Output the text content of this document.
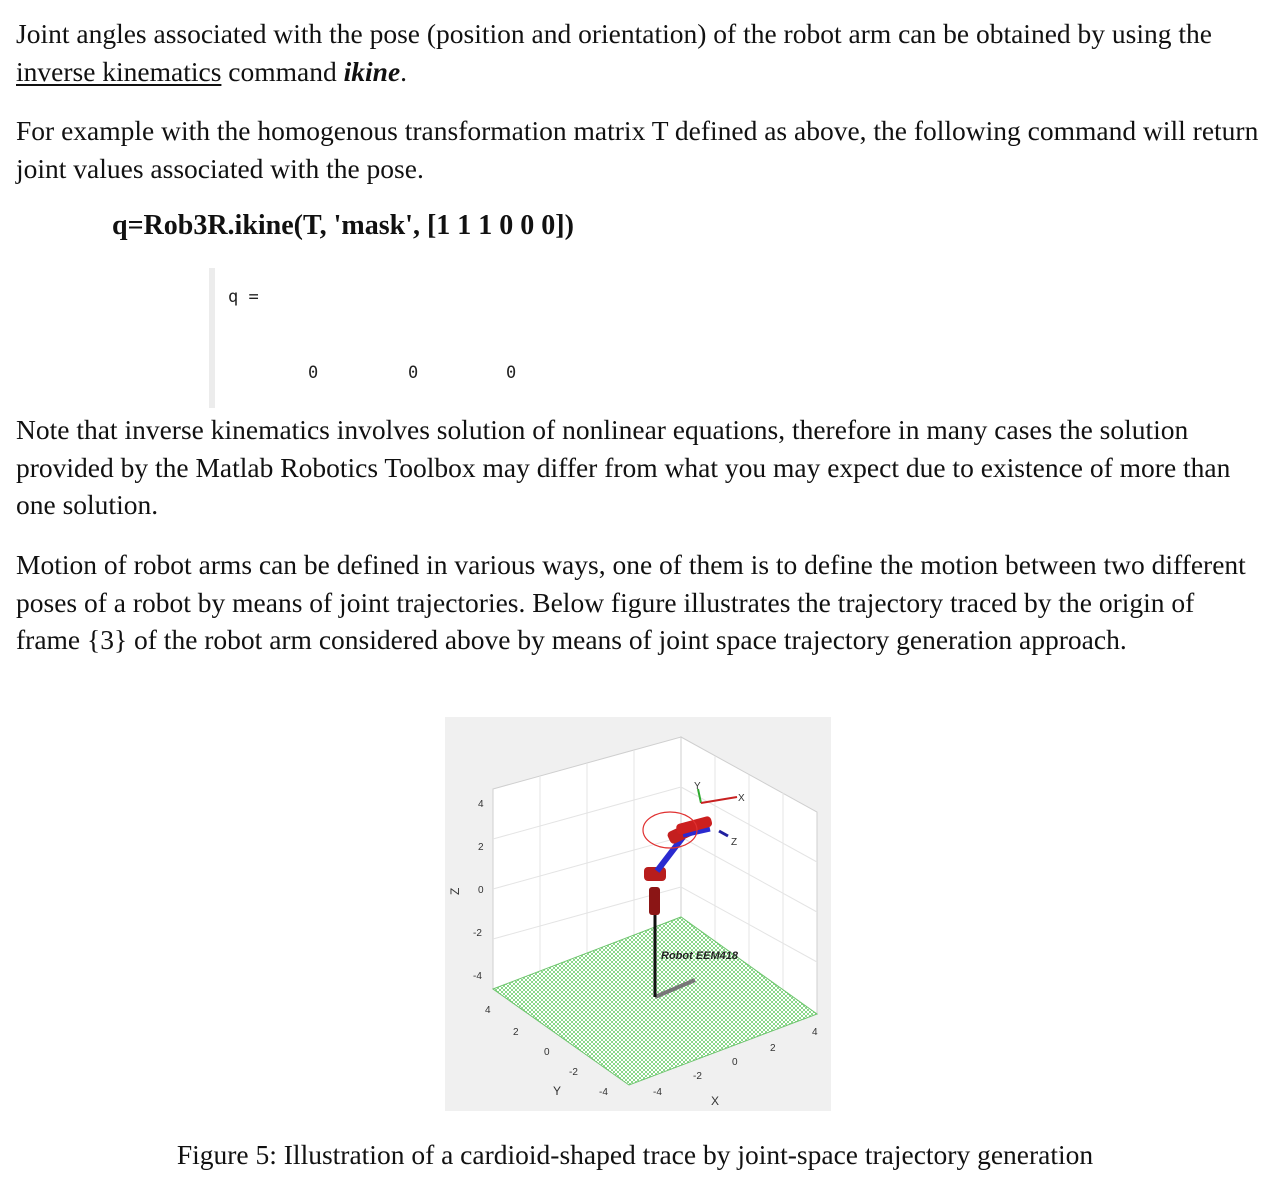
Joint angles associated with the pose (position and orientation) of the robot arm can be obtained by using the inverse kinematics command ikine.

For example with the homogenous transformation matrix T defined as above, the following command will return joint values associated with the pose.

q=Rob3R.ikine(T, 'mask', [1 1 1 0 0 0])
q =
0	0	0

Note that inverse kinematics involves solution of nonlinear equations, therefore in many cases the solution provided by the Matlab Robotics Toolbox may differ from what you may expect due to existence of more than one solution.

Motion of robot arms can be defined in various ways, one of them is to define the motion between two different poses of a robot by means of joint trajectories. Below figure illustrates the trajectory traced by the origin of frame {3} of the robot arm considered above by means of joint space trajectory generation approach.

4
2
0
-2
-4
Z
4
2
0
-2
-4
Y	-4
-2
0
2
4
X
Robot EEM418
Y
X
Z
Figure 5: Illustration of a cardioid-shaped trace by joint-space trajectory generation
